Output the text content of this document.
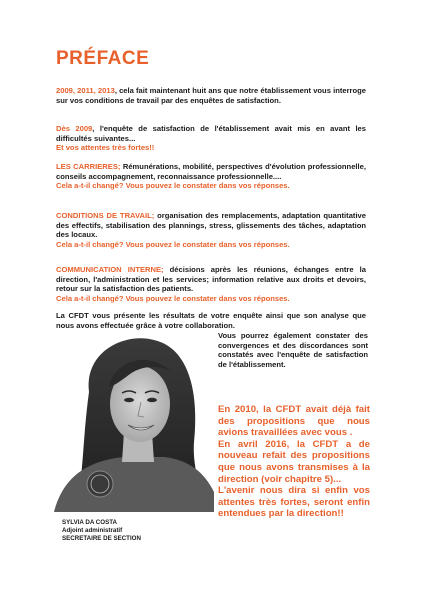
PRÉFACE

2009, 2011, 2013, cela fait maintenant huit ans que notre établissement vous interroge sur vos conditions de travail par des enquêtes de satisfaction.

Dès 2009, l'enquête de satisfaction de l'établissement avait mis en avant les difficultés suivantes...
Et vos attentes très fortes!!

LES CARRIERES; Rémunérations, mobilité, perspectives d'évolution professionnelle, conseils accompagnement, reconnaissance professionnelle....
Cela a-t-il changé? Vous pouvez le constater dans vos réponses.

CONDITIONS DE TRAVAIL; organisation des remplacements, adaptation quantitative des effectifs, stabilisation des plannings, stress, glissements des tâches, adaptation des locaux.
Cela a-t-il changé? Vous pouvez le constater dans vos réponses.

COMMUNICATION INTERNE; décisions après les réunions, échanges entre la direction, l'administration et les services; information relative aux droits et devoirs, retour sur la satisfaction des patients.
Cela a-t-il changé? Vous pouvez le constater dans vos réponses.

La CFDT vous présente les résultats de votre enquête ainsi que son analyse que nous avons effectuée grâce à votre collaboration.

Vous pourrez également constater des convergences et des discordances sont constatés avec l'enquête de satisfaction de l'établissement.

En 2010, la CFDT avait déjà fait des propositions que nous avions travaillées avec vous .
En avril 2016, la CFDT a de nouveau refait des propositions que nous avons transmises à la direction (voir chapitre 5)...
L'avenir nous dira si enfin vos attentes très fortes, seront enfin entendues par la direction!!
SYLVIA DA COSTA
Adjoint administratif
SECRETAIRE DE SECTION
